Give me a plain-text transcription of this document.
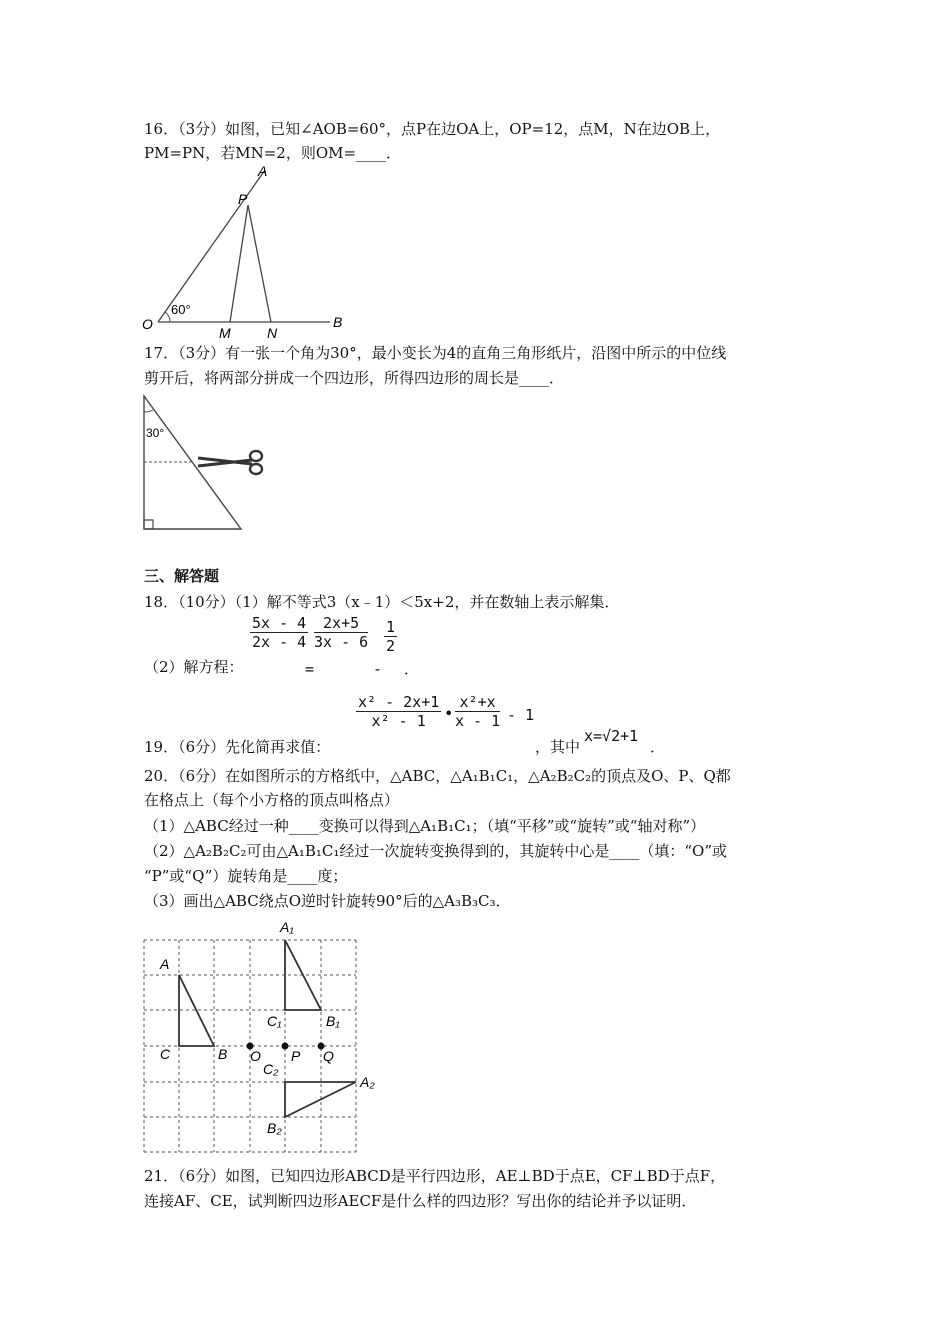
16．（3分）如图，已知∠AOB=60°，点P在边OA上，OP=12，点M，N在边OB上，
PM=PN，若MN=2，则OM=____．
A
P
O
60°
M	N
B
17．（3分）有一张一个角为30°，最小变长为4的直角三角形纸片，沿图中所示的中位线
剪开后，将两部分拼成一个四边形，所得四边形的周长是____．
30°
三、解答题
18．（10分）（1）解不等式3（x﹣1）＜5x+2，并在数轴上表示解集．
（2）解方程：
$\frac{5x - 4}{2x - 4} \frac{2x+5}{3x - 6} \frac{1}{2}$
=	- ．
$\frac{\text{x² - 2x+1}}{\text{x² - 1}}$ • $\frac{\text{x²+x}}{x - 1} - 1$
19．（6分）先化简再求值：	，其中
x=√2+1
．
20．（6分）在如图所示的方格纸中，△ABC，△A₁B₁C₁，△A₂B₂C₂的顶点及O、P、Q都
在格点上（每个小方格的顶点叫格点）
（1）△ABC经过一种____变换可以得到△A₁B₁C₁；（填“平移”或“旋转”或“轴对称”）
（2）△A₂B₂C₂可由△A₁B₁C₁经过一次旋转变换得到的，其旋转中心是____（填：“O”或
“P”或“Q”）旋转角是____度；
（3）画出△ABC绕点O逆时针旋转90°后的△A₃B₃C₃．
A
C	B
A₁
C₁	B₁
O P Q
C₂
A₂
B₂
21．（6分）如图，已知四边形ABCD是平行四边形，AE⊥BD于点E，CF⊥BD于点F，
连接AF、CE，试判断四边形AECF是什么样的四边形？写出你的结论并予以证明．
